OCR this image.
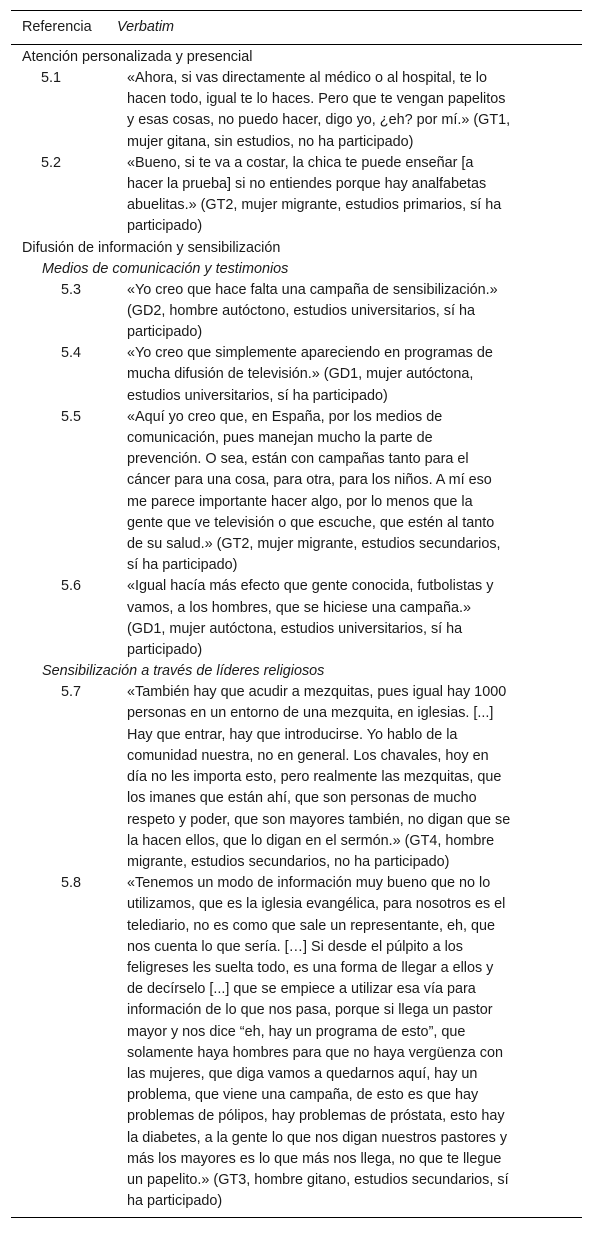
Referencia	Verbatim
Atención personalizada y presencial
5.1	«Ahora, si vas directamente al médico o al hospital, te lo
hacen todo, igual te lo haces. Pero que te vengan papelitos
y esas cosas, no puedo hacer, digo yo, ¿eh? por mí.» (GT1,
mujer gitana, sin estudios, no ha participado)
5.2	«Bueno, si te va a costar, la chica te puede enseñar [a
hacer la prueba] si no entiendes porque hay analfabetas
abuelitas.» (GT2, mujer migrante, estudios primarios, sí ha
participado)
Difusión de información y sensibilización
Medios de comunicación y testimonios
5.3	«Yo creo que hace falta una campaña de sensibilización.»
(GD2, hombre autóctono, estudios universitarios, sí ha
participado)
5.4	«Yo creo que simplemente apareciendo en programas de
mucha difusión de televisión.» (GD1, mujer autóctona,
estudios universitarios, sí ha participado)
5.5	«Aquí yo creo que, en España, por los medios de
comunicación, pues manejan mucho la parte de
prevención. O sea, están con campañas tanto para el
cáncer para una cosa, para otra, para los niños. A mí eso
me parece importante hacer algo, por lo menos que la
gente que ve televisión o que escuche, que estén al tanto
de su salud.» (GT2, mujer migrante, estudios secundarios,
sí ha participado)
5.6	«Igual hacía más efecto que gente conocida, futbolistas y
vamos, a los hombres, que se hiciese una campaña.»
(GD1, mujer autóctona, estudios universitarios, sí ha
participado)
Sensibilización a través de líderes religiosos
5.7	«También hay que acudir a mezquitas, pues igual hay 1000
personas en un entorno de una mezquita, en iglesias. [...]
Hay que entrar, hay que introducirse. Yo hablo de la
comunidad nuestra, no en general. Los chavales, hoy en
día no les importa esto, pero realmente las mezquitas, que
los imanes que están ahí, que son personas de mucho
respeto y poder, que son mayores también, no digan que se
la hacen ellos, que lo digan en el sermón.» (GT4, hombre
migrante, estudios secundarios, no ha participado)
5.8	«Tenemos un modo de información muy bueno que no lo
utilizamos, que es la iglesia evangélica, para nosotros es el
telediario, no es como que sale un representante, eh, que
nos cuenta lo que sería. […] Si desde el púlpito a los
feligreses les suelta todo, es una forma de llegar a ellos y
de decírselo [...] que se empiece a utilizar esa vía para
información de lo que nos pasa, porque si llega un pastor
mayor y nos dice “eh, hay un programa de esto”, que
solamente haya hombres para que no haya vergüenza con
las mujeres, que diga vamos a quedarnos aquí, hay un
problema, que viene una campaña, de esto es que hay
problemas de pólipos, hay problemas de próstata, esto hay
la diabetes, a la gente lo que nos digan nuestros pastores y
más los mayores es lo que más nos llega, no que te llegue
un papelito.» (GT3, hombre gitano, estudios secundarios, sí
ha participado)
